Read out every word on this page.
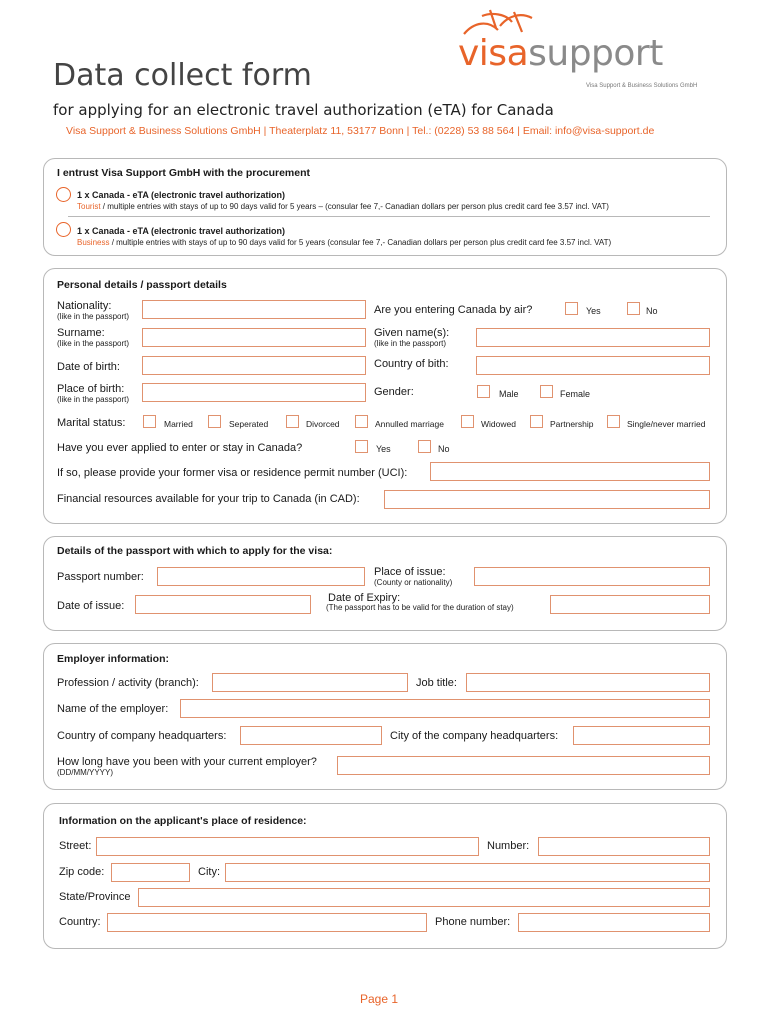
visasupport
Visa Support & Business Solutions GmbH
Data collect form
for applying for an electronic travel authorization (eTA) for Canada
Visa Support & Business Solutions GmbH | Theaterplatz 11, 53177 Bonn | Tel.: (0228) 53 88 564 | Email: info@visa-support.de
I entrust Visa Support GmbH with the procurement
1 x Canada - eTA (electronic travel authorization)
Tourist / multiple entries with stays of up to 90 days valid for 5 years – (consular fee 7,- Canadian dollars per person plus credit card fee 3.57 incl. VAT)
1 x Canada - eTA (electronic travel authorization)
Business / multiple entries with stays of up to 90 days valid for 5 years (consular fee 7,- Canadian dollars per person plus credit card fee 3.57 incl. VAT)
Personal details / passport details
Nationality:
(like in the passport)
Are you entering Canada by air?	Yes	No
Surname:
(like in the passport)
Given name(s):
(like in the passport)
Date of birth:	Country of bith:
Place of birth:
(like in the passport)
Gender:	Male	Female
Marital status:	Married	Seperated	Divorced	Annulled marriage	Widowed	Partnership	Single/never married
Have you ever applied to enter or stay in Canada?	Yes	No
If so, please provide your former visa or residence permit number (UCI):
Financial resources available for your trip to Canada (in CAD):
Details of the passport with which to apply for the visa:
Passport number:	Place of issue:
(County or nationality)
Date of issue:
Date of Expiry:
(The passport has to be valid for the duration of stay)
Employer information:
Profession / activity (branch):	Job title:
Name of the employer:
Country of company headquarters:	City of the company headquarters:
How long have you been with your current employer?
(DD/MM/YYYY)
Information on the applicant's place of residence:
Street:	Number:
Zip code:	City:
State/Province
Country:	Phone number:
Page 1
